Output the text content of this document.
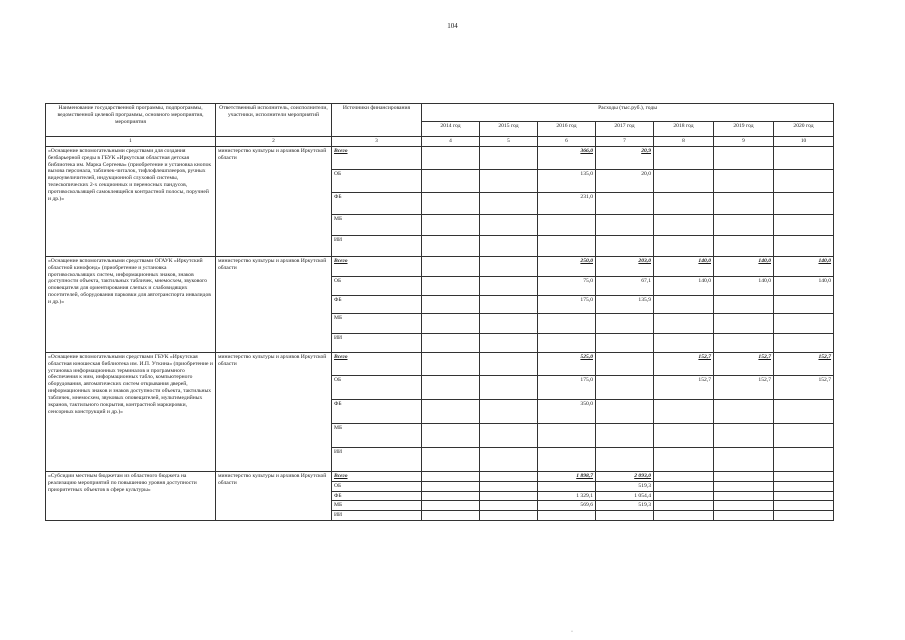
104
Наименование государственной программы, подпрограммы, ведомственной целевой программы, основного мероприятия, мероприятия	Ответственный исполнитель, соисполнители, участники, исполнители мероприятий	Источники финансирования	Расходы (тыс.руб.), годы						
			2014 год	2015 год	2016 год	2017 год	2018 год	2019 год	2020 год
1	2	3	4	5	6	7	8	9	10
«Оснащение вспомогательными средствами для создания безбарьерной среды в ГБУК «Иркутская областная детская библиотека им. Марка Сергеева» (приобретение и установка кнопок вызова персонала, табличек-читалок, тифлофлешплееров, ручных видеоувеличителей, индукционной слуховой системы, телескопических 2-х секционных и переносных пандусов, противоскользящей самоклеящейся контрастной полосы, поручней и др.)»	министерство культуры и архивов Иркутской области	Всего			366,0	20,9			
		ОБ			135,0	20,0			
		ФБ			231,0				
		МБ							
		ИИ							
«Оснащение вспомогательными средствами ОГАУК «Иркутский областной кинофонд» (приобретение и установка противоскользящих систем, информационных знаков, знаков доступности объекта, тактильных табличек, мнемосхем, звукового оповещателя для ориентирования слепых и слабовидящих посетителей, оборудования парковки для автотранспорта инвалидов и др.)»	министерство культуры и архивов Иркутской области	Всего			250,0	203,0	140,0	140,0	140,0
		ОБ			75,0	67,1	140,0	140,0	140,0
		ФБ			175,0	135,9			
		МБ							
		ИИ							
«Оснащение вспомогательными средствами ГБУК «Иркутская областная юношеская библиотека им. И.П. Уткина» (приобретение и установка информационных терминалов и программного обеспечения к ним, информационных табло, компьютерного оборудования, автоматических систем открывания дверей, информационных знаков и знаков доступности объекта, тактильных табличек, мнемосхем, звуковых оповещателей, мультимедийных экранов, тактильного покрытия, контрастной маркировки, сенсорных конструкций и др.)»	министерство культуры и архивов Иркутской области	Всего			525,0		152,7	152,7	152,7
		ОБ			175,0		152,7	152,7	152,7
		ФБ			350,0				
		МБ							
		ИИ							
«Субсидии местным бюджетам из областного бюджета на реализацию мероприятий по повышению уровня доступности приоритетных объектов в сфере культуры»	министерство культуры и архивов Иркутской области	Всего			1 898,7	2 093,0			
		ОБ				519,3			
		ФБ			1 329,1	1 054,4			
		МБ			569,6	519,3			
		ИИ							
·
